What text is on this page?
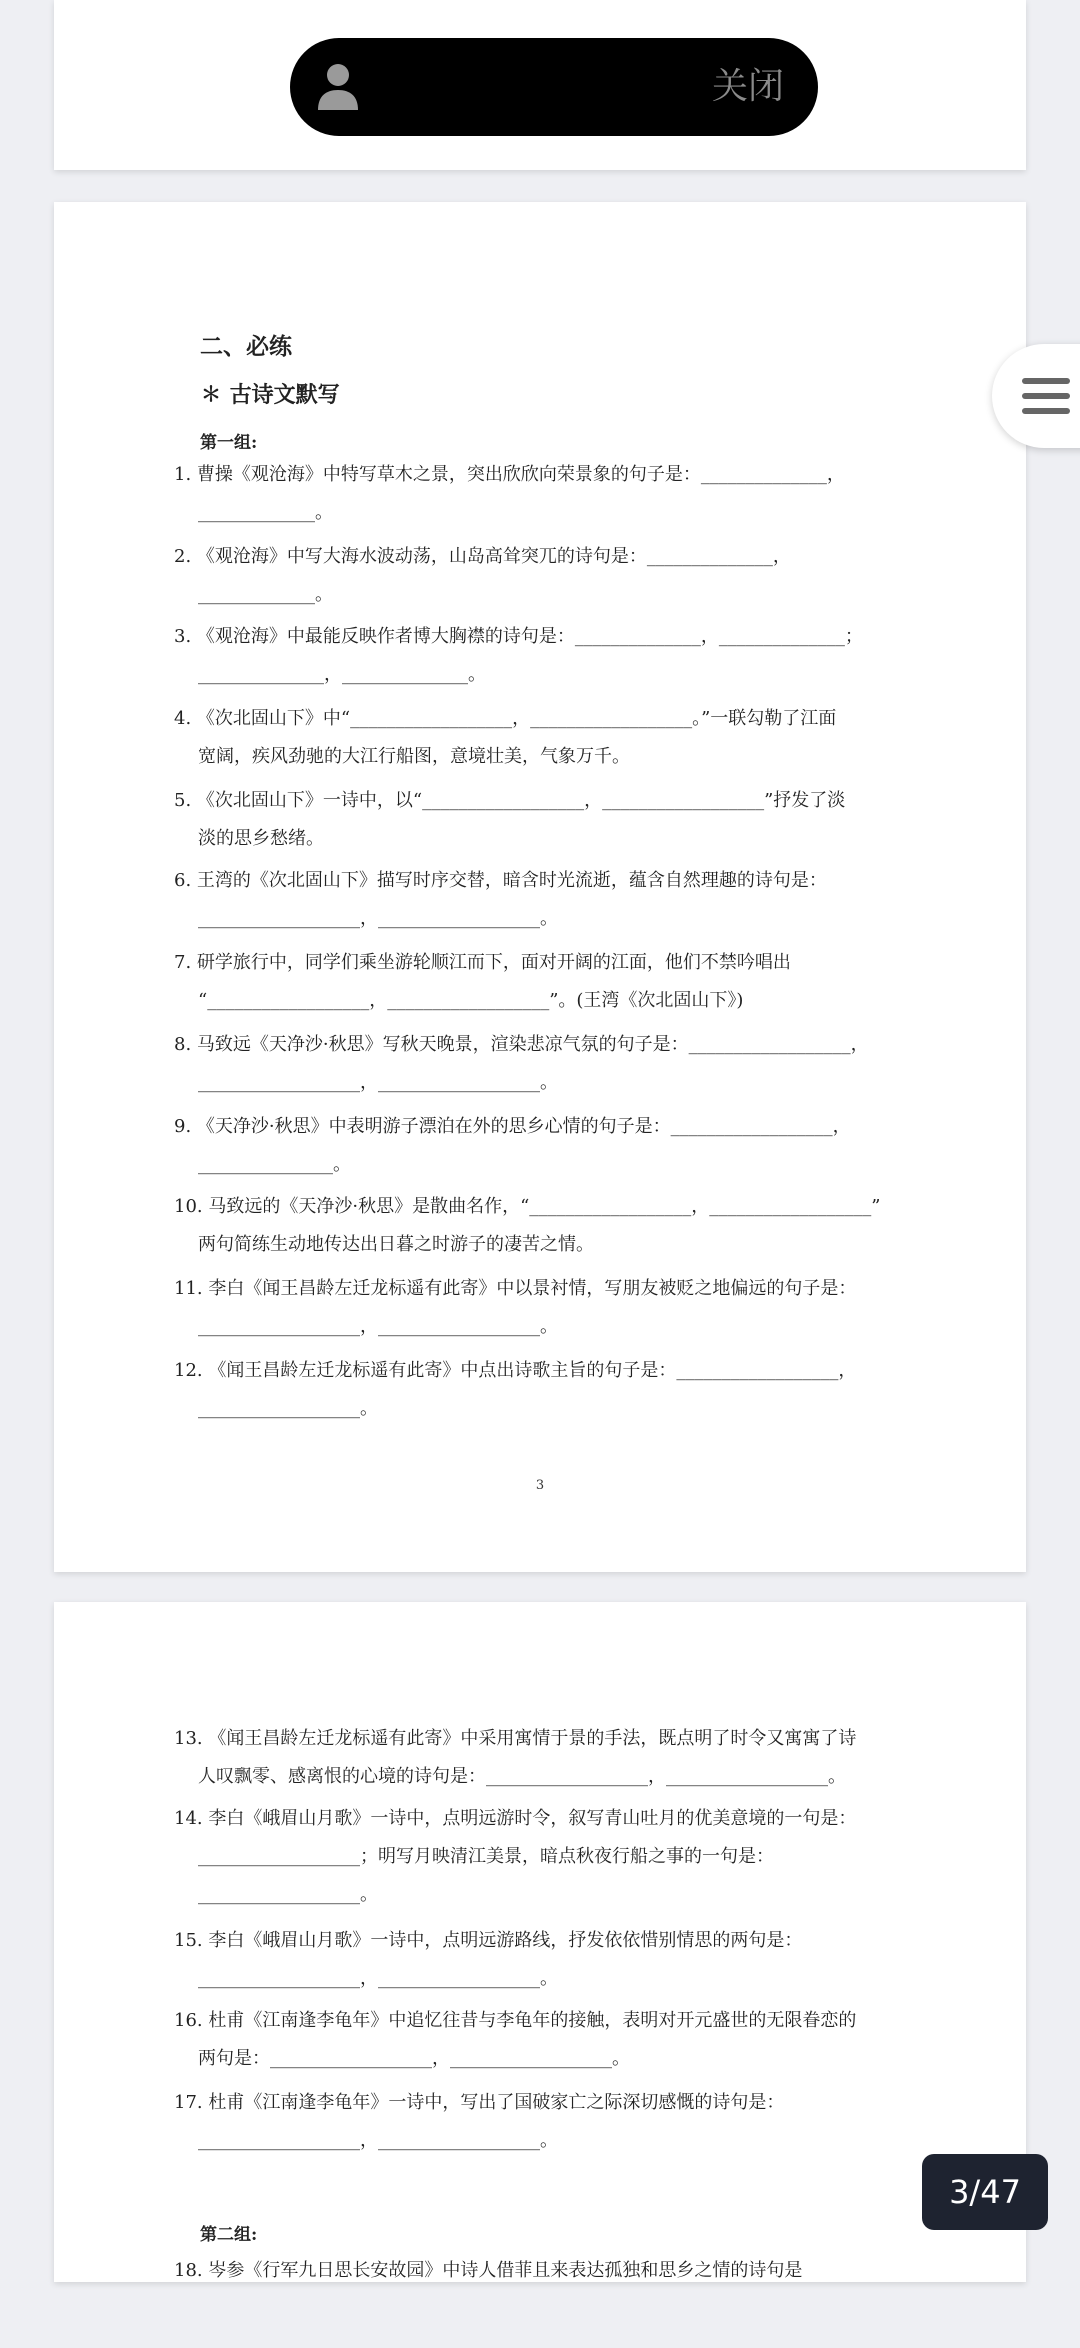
关闭
二、必练
✽ 古诗文默写
第一组:
1. 曹操《观沧海》中特写草木之景，突出欣欣向荣景象的句子是：______________，
_____________。
2. 《观沧海》中写大海水波动荡，山岛高耸突兀的诗句是：______________，
_____________。
3. 《观沧海》中最能反映作者博大胸襟的诗句是：______________，______________；
______________，______________。
4. 《次北固山下》中“__________________，__________________。”一联勾勒了江面
宽阔，疾风劲驰的大江行船图，意境壮美，气象万千。
5. 《次北固山下》一诗中，以“__________________，__________________”抒发了淡
淡的思乡愁绪。
6. 王湾的《次北固山下》描写时序交替，暗含时光流逝，蕴含自然理趣的诗句是：
__________________，__________________。
7. 研学旅行中，同学们乘坐游轮顺江而下，面对开阔的江面，他们不禁吟唱出
“__________________，__________________”。(王湾《次北固山下》)
8. 马致远《天净沙·秋思》写秋天晚景，渲染悲凉气氛的句子是：__________________，
__________________，__________________。
9. 《天净沙·秋思》中表明游子漂泊在外的思乡心情的句子是：__________________，
_______________。
10. 马致远的《天净沙·秋思》是散曲名作，“__________________，__________________”
两句简练生动地传达出日暮之时游子的凄苦之情。
11. 李白《闻王昌龄左迁龙标遥有此寄》中以景衬情，写朋友被贬之地偏远的句子是：
__________________，__________________。
12. 《闻王昌龄左迁龙标遥有此寄》中点出诗歌主旨的句子是：__________________，
__________________。
3
13. 《闻王昌龄左迁龙标遥有此寄》中采用寓情于景的手法，既点明了时令又寓寓了诗
人叹飘零、感离恨的心境的诗句是：__________________，__________________。
14. 李白《峨眉山月歌》一诗中，点明远游时令，叙写青山吐月的优美意境的一句是：
__________________；明写月映清江美景，暗点秋夜行船之事的一句是：
__________________。
15. 李白《峨眉山月歌》一诗中，点明远游路线，抒发依依惜别情思的两句是：
__________________，__________________。
16. 杜甫《江南逢李龟年》中追忆往昔与李龟年的接触，表明对开元盛世的无限眷恋的
两句是：__________________，__________________。
17. 杜甫《江南逢李龟年》一诗中，写出了国破家亡之际深切感慨的诗句是：
__________________，__________________。
第二组:
18. 岑参《行军九日思长安故园》中诗人借菲且来表达孤独和思乡之情的诗句是
3/47
